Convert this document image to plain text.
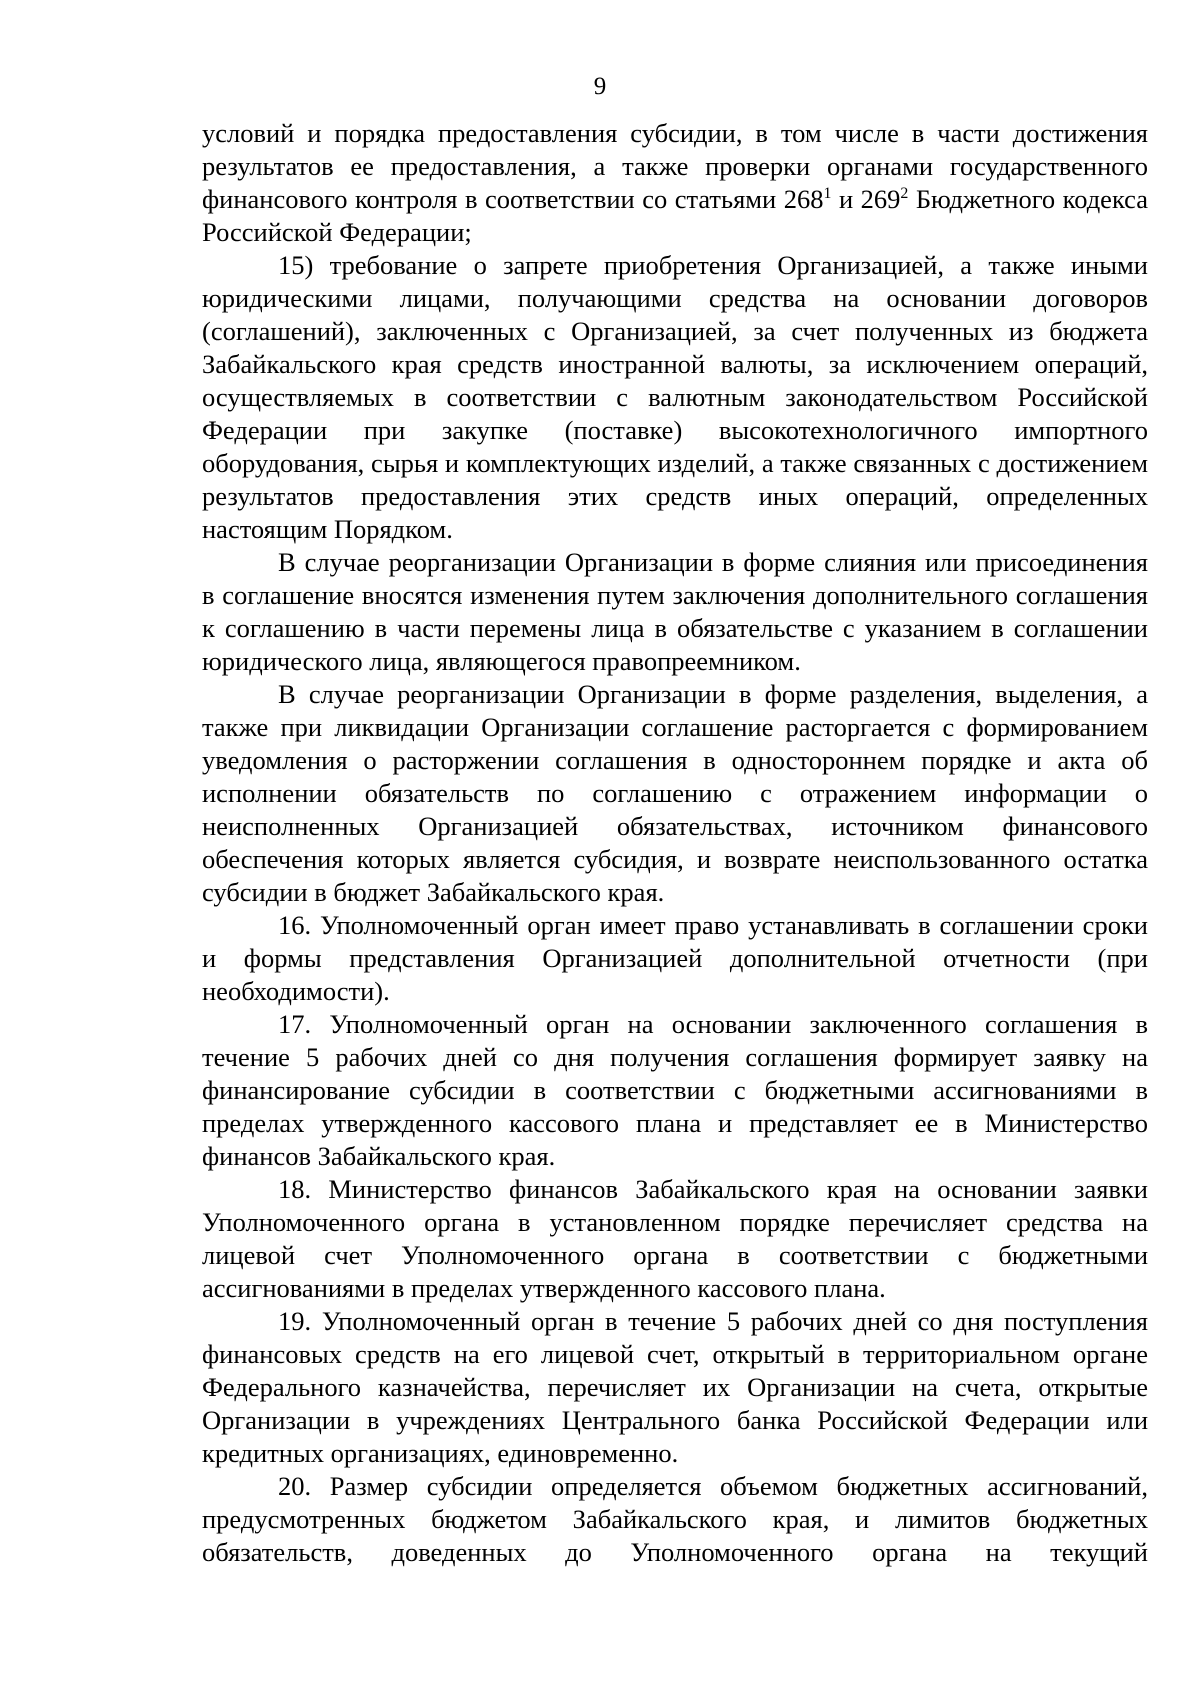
9

условий и порядка предоставления субсидии, в том числе в части достижения результатов ее предоставления, а также проверки органами государственного финансового контроля в соответствии со статьями $268^1$ и $269^2$ Бюджетного кодекса Российской Федерации;

15) требование о запрете приобретения Организацией, а также иными юридическими лицами, получающими средства на основании договоров (соглашений), заключенных с Организацией, за счет полученных из бюджета Забайкальского края средств иностранной валюты, за исключением операций, осуществляемых в соответствии с валютным законодательством Российской Федерации при закупке (поставке) высокотехнологичного импортного оборудования, сырья и комплектующих изделий, а также связанных с достижением результатов предоставления этих средств иных операций, определенных настоящим Порядком.

В случае реорганизации Организации в форме слияния или присоединения в соглашение вносятся изменения путем заключения дополнительного соглашения к соглашению в части перемены лица в обязательстве с указанием в соглашении юридического лица, являющегося правопреемником.

В случае реорганизации Организации в форме разделения, выделения, а также при ликвидации Организации соглашение расторгается с формированием уведомления о расторжении соглашения в одностороннем порядке и акта об исполнении обязательств по соглашению с отражением информации о неисполненных Организацией обязательствах, источником финансового обеспечения которых является субсидия, и возврате неиспользованного остатка субсидии в бюджет Забайкальского края.

16. Уполномоченный орган имеет право устанавливать в соглашении сроки и формы представления Организацией дополнительной отчетности (при необходимости).

17. Уполномоченный орган на основании заключенного соглашения в течение 5 рабочих дней со дня получения соглашения формирует заявку на финансирование субсидии в соответствии с бюджетными ассигнованиями в пределах утвержденного кассового плана и представляет ее в Министерство финансов Забайкальского края.

18. Министерство финансов Забайкальского края на основании заявки Уполномоченного органа в установленном порядке перечисляет средства на лицевой счет Уполномоченного органа в соответствии с бюджетными ассигнованиями в пределах утвержденного кассового плана.

19. Уполномоченный орган в течение 5 рабочих дней со дня поступления финансовых средств на его лицевой счет, открытый в территориальном органе Федерального казначейства, перечисляет их Организации на счета, открытые Организации в учреждениях Центрального банка Российской Федерации или кредитных организациях, единовременно.

20. Размер субсидии определяется объемом бюджетных ассигнований, предусмотренных бюджетом Забайкальского края, и лимитов бюджетных обязательств, доведенных до Уполномоченного органа на текущий
